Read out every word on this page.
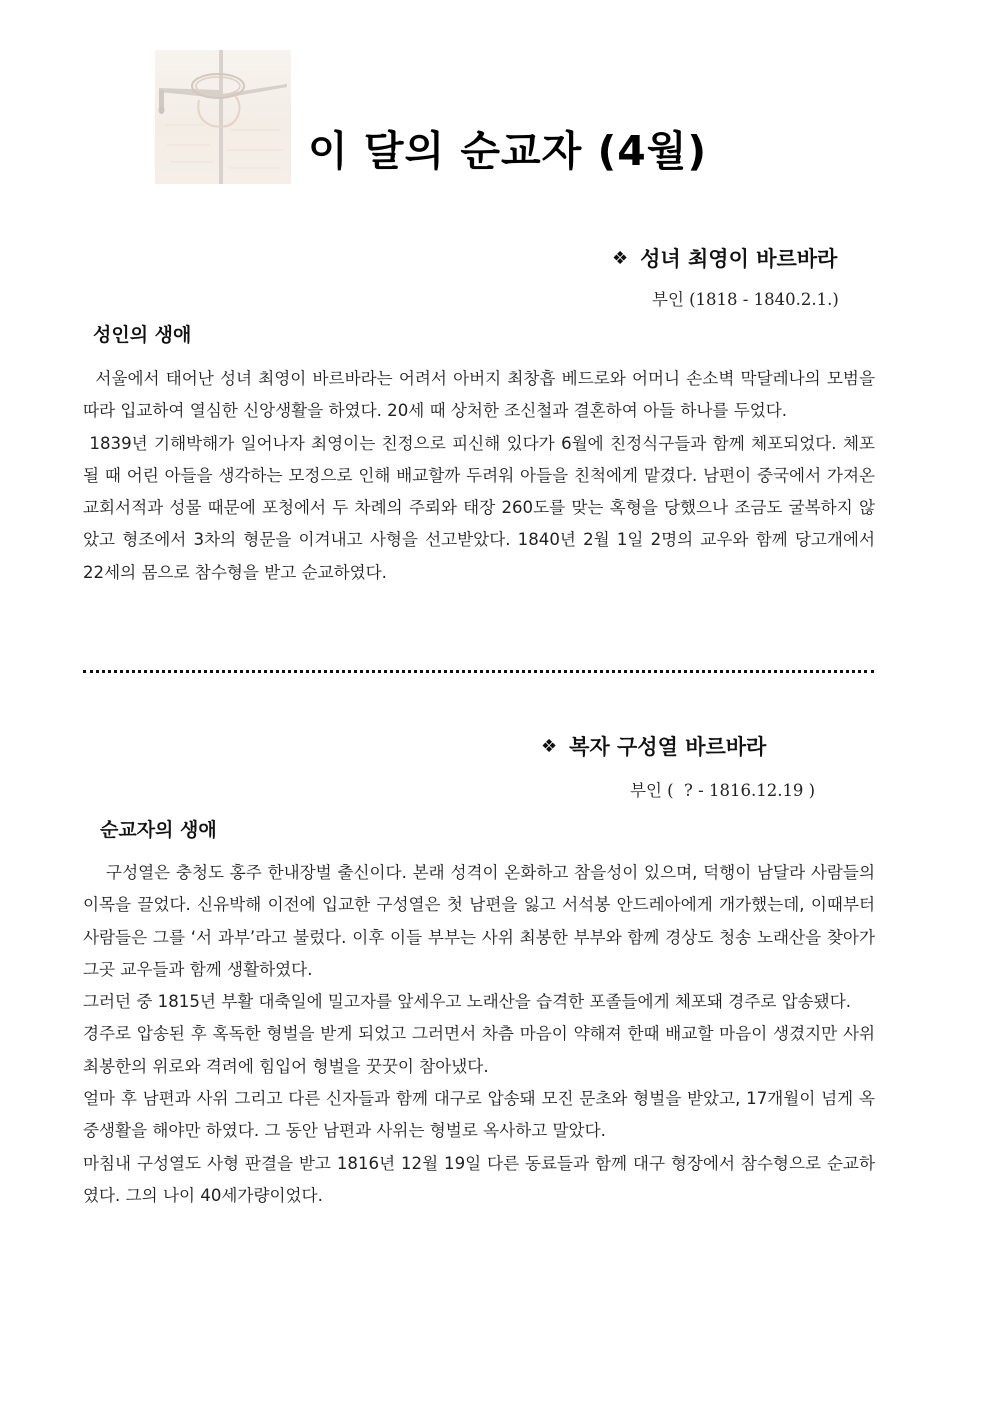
이 달의 순교자 (4월)
❖ 성녀 최영이 바르바라
부인 (1818 - 1840.2.1.)
성인의 생애

서울에서 태어난 성녀 최영이 바르바라는 어려서 아버지 최창흡 베드로와 어머니 손소벽 막달레나의 모범을 따라 입교하여 열심한 신앙생활을 하였다. 20세 때 상처한 조신철과 결혼하여 아들 하나를 두었다.

1839년 기해박해가 일어나자 최영이는 친정으로 피신해 있다가 6월에 친정식구들과 함께 체포되었다. 체포될 때 어린 아들을 생각하는 모정으로 인해 배교할까 두려워 아들을 친척에게 맡겼다. 남편이 중국에서 가져온 교회서적과 성물 때문에 포청에서 두 차례의 주뢰와 태장 260도를 맞는 혹형을 당했으나 조금도 굴복하지 않았고 형조에서 3차의 형문을 이겨내고 사형을 선고받았다. 1840년 2월 1일 2명의 교우와 함께 당고개에서 22세의 몸으로 참수형을 받고 순교하였다.

❖ 복자 구성열 바르바라
부인 (  ? - 1816.12.19 )
순교자의 생애

구성열은 충청도 홍주 한내장벌 출신이다. 본래 성격이 온화하고 참을성이 있으며, 덕행이 남달라 사람들의 이목을 끌었다. 신유박해 이전에 입교한 구성열은 첫 남편을 잃고 서석봉 안드레아에게 개가했는데, 이때부터 사람들은 그를 ‘서 과부’라고 불렀다. 이후 이들 부부는 사위 최봉한 부부와 함께 경상도 청송 노래산을 찾아가 그곳 교우들과 함께 생활하였다.

그러던 중 1815년 부활 대축일에 밀고자를 앞세우고 노래산을 습격한 포졸들에게 체포돼 경주로 압송됐다.

경주로 압송된 후 혹독한 형벌을 받게 되었고 그러면서 차츰 마음이 약해져 한때 배교할 마음이 생겼지만 사위 최봉한의 위로와 격려에 힘입어 형벌을 꿋꿋이 참아냈다.

얼마 후 남편과 사위 그리고 다른 신자들과 함께 대구로 압송돼 모진 문초와 형벌을 받았고, 17개월이 넘게 옥중생활을 해야만 하였다. 그 동안 남편과 사위는 형벌로 옥사하고 말았다.

마침내 구성열도 사형 판결을 받고 1816년 12월 19일 다른 동료들과 함께 대구 형장에서 참수형으로 순교하였다. 그의 나이 40세가량이었다.
